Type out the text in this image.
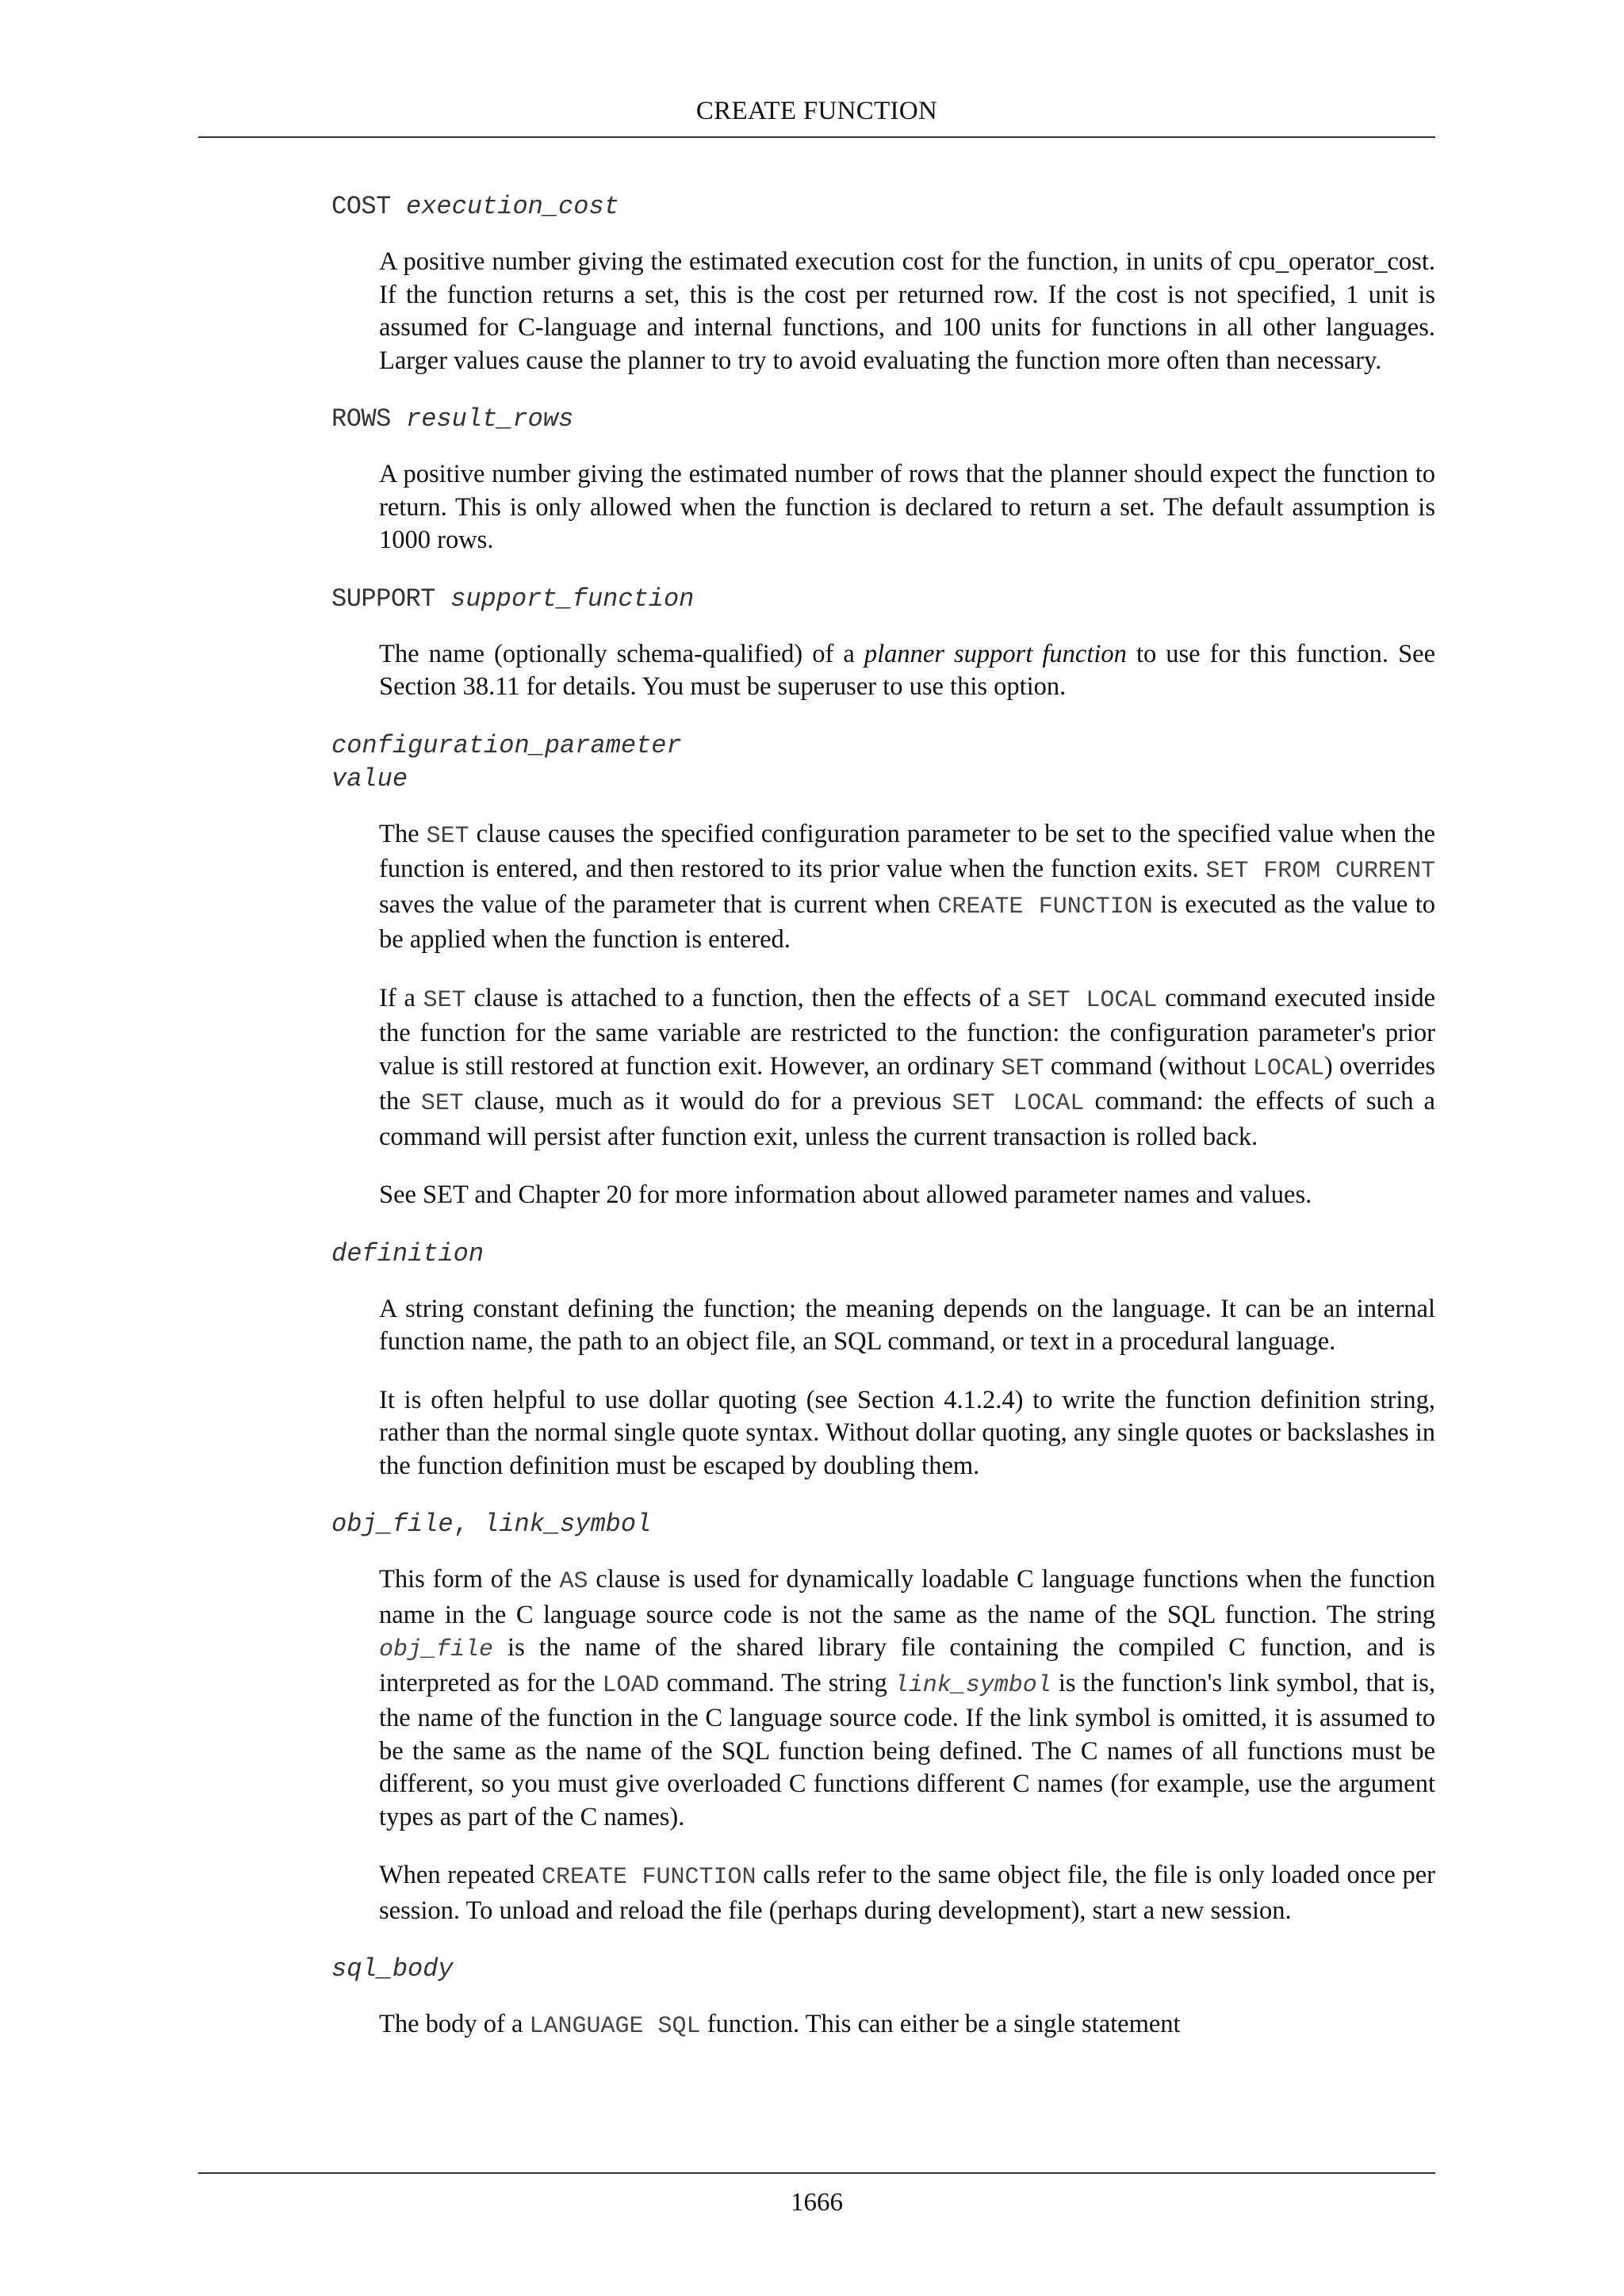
CREATE FUNCTION
COST execution_cost

A positive number giving the estimated execution cost for the function, in units of cpu_operator_cost. If the function returns a set, this is the cost per returned row. If the cost is not specified, 1 unit is assumed for C-language and internal functions, and 100 units for functions in all other languages. Larger values cause the planner to try to avoid evaluating the function more often than necessary.

ROWS result_rows

A positive number giving the estimated number of rows that the planner should expect the function to return. This is only allowed when the function is declared to return a set. The default assumption is 1000 rows.

SUPPORT support_function

The name (optionally schema-qualified) of a planner support function to use for this function. See Section 38.11 for details. You must be superuser to use this option.

configuration_parameter
value

The SET clause causes the specified configuration parameter to be set to the specified value when the function is entered, and then restored to its prior value when the function exits. SET FROM CURRENT saves the value of the parameter that is current when CREATE FUNCTION is executed as the value to be applied when the function is entered.

If a SET clause is attached to a function, then the effects of a SET LOCAL command executed inside the function for the same variable are restricted to the function: the configuration parameter's prior value is still restored at function exit. However, an ordinary SET command (without LOCAL) overrides the SET clause, much as it would do for a previous SET LOCAL command: the effects of such a command will persist after function exit, unless the current transaction is rolled back.

See SET and Chapter 20 for more information about allowed parameter names and values.

definition

A string constant defining the function; the meaning depends on the language. It can be an internal function name, the path to an object file, an SQL command, or text in a procedural language.

It is often helpful to use dollar quoting (see Section 4.1.2.4) to write the function definition string, rather than the normal single quote syntax. Without dollar quoting, any single quotes or backslashes in the function definition must be escaped by doubling them.

obj_file, link_symbol

This form of the AS clause is used for dynamically loadable C language functions when the function name in the C language source code is not the same as the name of the SQL function. The string obj_file is the name of the shared library file containing the compiled C function, and is interpreted as for the LOAD command. The string link_symbol is the function's link symbol, that is, the name of the function in the C language source code. If the link symbol is omitted, it is assumed to be the same as the name of the SQL function being defined. The C names of all functions must be different, so you must give overloaded C functions different C names (for example, use the argument types as part of the C names).

When repeated CREATE FUNCTION calls refer to the same object file, the file is only loaded once per session. To unload and reload the file (perhaps during development), start a new session.

sql_body

The body of a LANGUAGE SQL function. This can either be a single statement

1666
